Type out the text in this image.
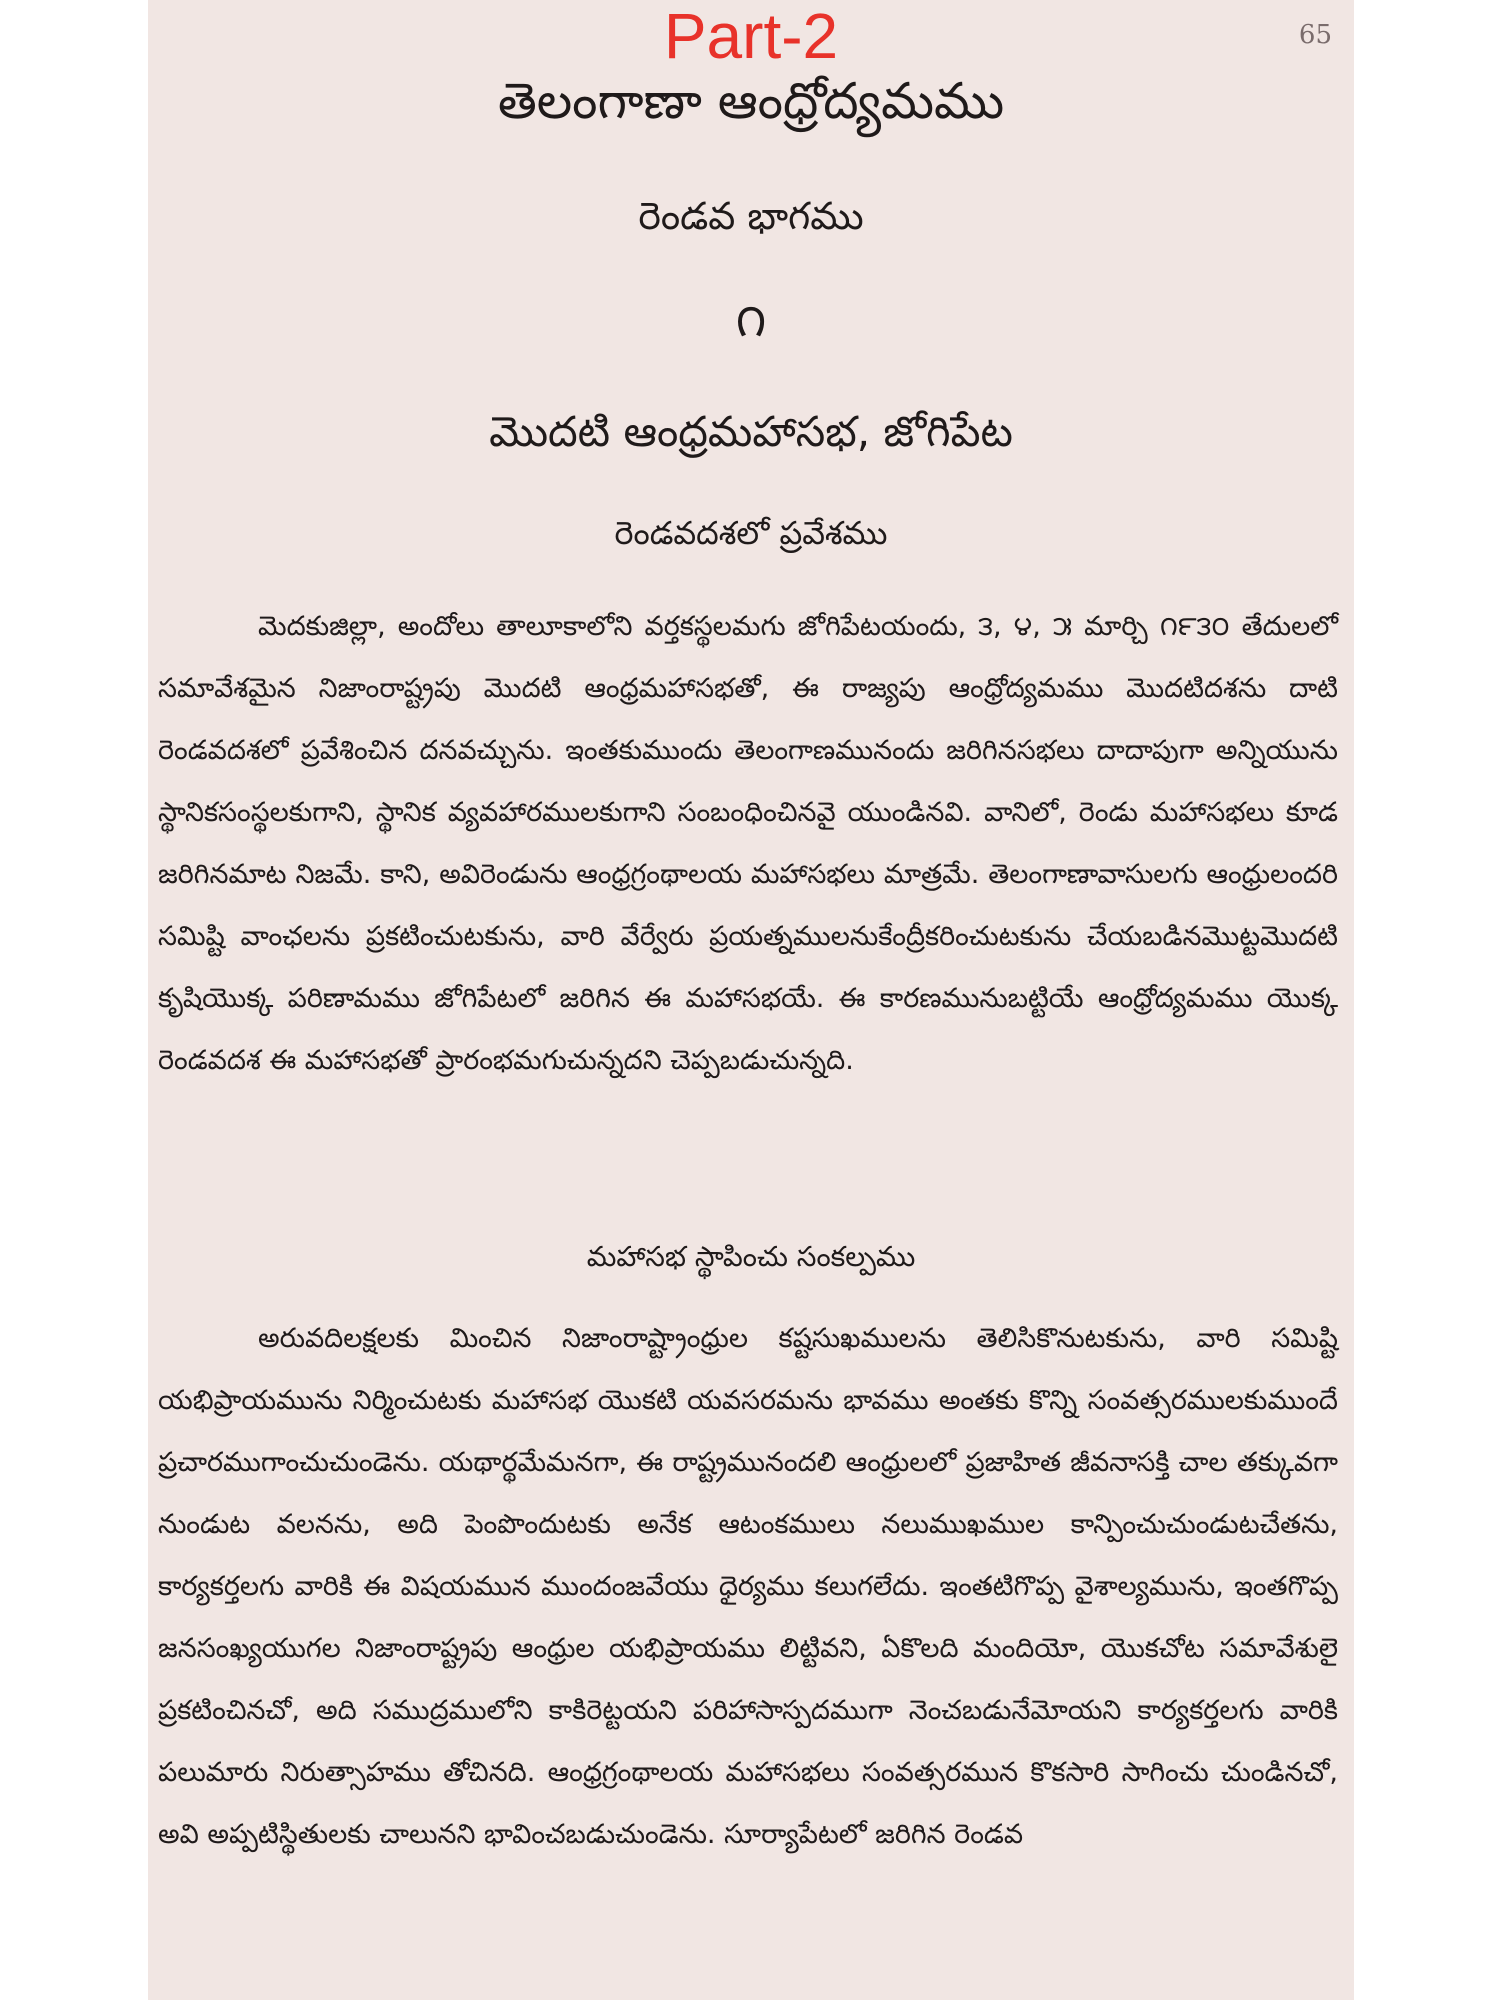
Part-2	65
తెలంగాణా ఆంధ్రోద్యమము
రెండవ భాగము
౧
మొదటి ఆంధ్రమహాసభ, జోగిపేట
రెండవదశలో ప్రవేశము

మెదకుజిల్లా, అందోలు తాలూకాలోని వర్తకస్థలమగు జోగిపేటయందు, ౩, ౪, ౫ మార్చి ౧౯౩౦ తేదులలో సమావేశమైన నిజాంరాష్ట్రపు మొదటి ఆంధ్రమహాసభతో, ఈ రాజ్యపు ఆంధ్రోద్యమము మొదటిదశను దాటి రెండవదశలో ప్రవేశించిన దనవచ్చును. ఇంతకుముందు తెలంగాణమునందు జరిగినసభలు దాదాపుగా అన్నియును స్థానికసంస్థలకుగాని, స్థానిక వ్యవహారములకుగాని సంబంధించినవై యుండినవి. వానిలో, రెండు మహాసభలు కూడ జరిగినమాట నిజమే. కాని, అవిరెండును ఆంధ్రగ్రంథాలయ మహాసభలు మాత్రమే. తెలంగాణావాసులగు ఆంధ్రులందరి సమిష్టి వాంఛలను ప్రకటించుటకును, వారి వేర్వేరు ప్రయత్నములనుకేంద్రీకరించుటకును చేయబడినమొట్టమొదటి కృషియొక్క పరిణామము జోగిపేటలో జరిగిన ఈ మహాసభయే. ఈ కారణమునుబట్టియే ఆంధ్రోద్యమము యొక్క రెండవదశ ఈ మహాసభతో ప్రారంభమగుచున్నదని చెప్పబడుచున్నది.

మహాసభ స్థాపించు సంకల్పము

అరువదిలక్షలకు మించిన నిజాంరాష్ట్రాంధ్రుల కష్టసుఖములను తెలిసికొనుటకును, వారి సమిష్టి యభిప్రాయమును నిర్మించుటకు మహాసభ యొకటి యవసరమను భావము అంతకు కొన్ని సంవత్సరములకుముందే ప్రచారముగాంచుచుండెను. యథార్థమేమనగా, ఈ రాష్ట్రమునందలి ఆంధ్రులలో ప్రజాహిత జీవనాసక్తి చాల తక్కువగా నుండుట వలనను, అది పెంపొందుటకు అనేక ఆటంకములు నలుముఖముల కాన్పించుచుండుటచేతను, కార్యకర్తలగు వారికి ఈ విషయమున ముందంజవేయు ధైర్యము కలుగలేదు. ఇంతటిగొప్ప వైశాల్యమును, ఇంతగొప్ప జనసంఖ్యయుగల నిజాంరాష్ట్రపు ఆంధ్రుల యభిప్రాయము లిట్టివని, ఏకొలది మందియో, యొకచోట సమావేశులై ప్రకటించినచో, అది సముద్రములోని కాకిరెట్టయని పరిహాసాస్పదముగా నెంచబడునేమోయని కార్యకర్తలగు వారికి పలుమారు నిరుత్సాహము తోచినది. ఆంధ్రగ్రంథాలయ మహాసభలు సంవత్సరమున కొకసారి సాగించు చుండినచో, అవి అప్పటిస్థితులకు చాలునని భావించబడుచుండెను. సూర్యాపేటలో జరిగిన రెండవ
